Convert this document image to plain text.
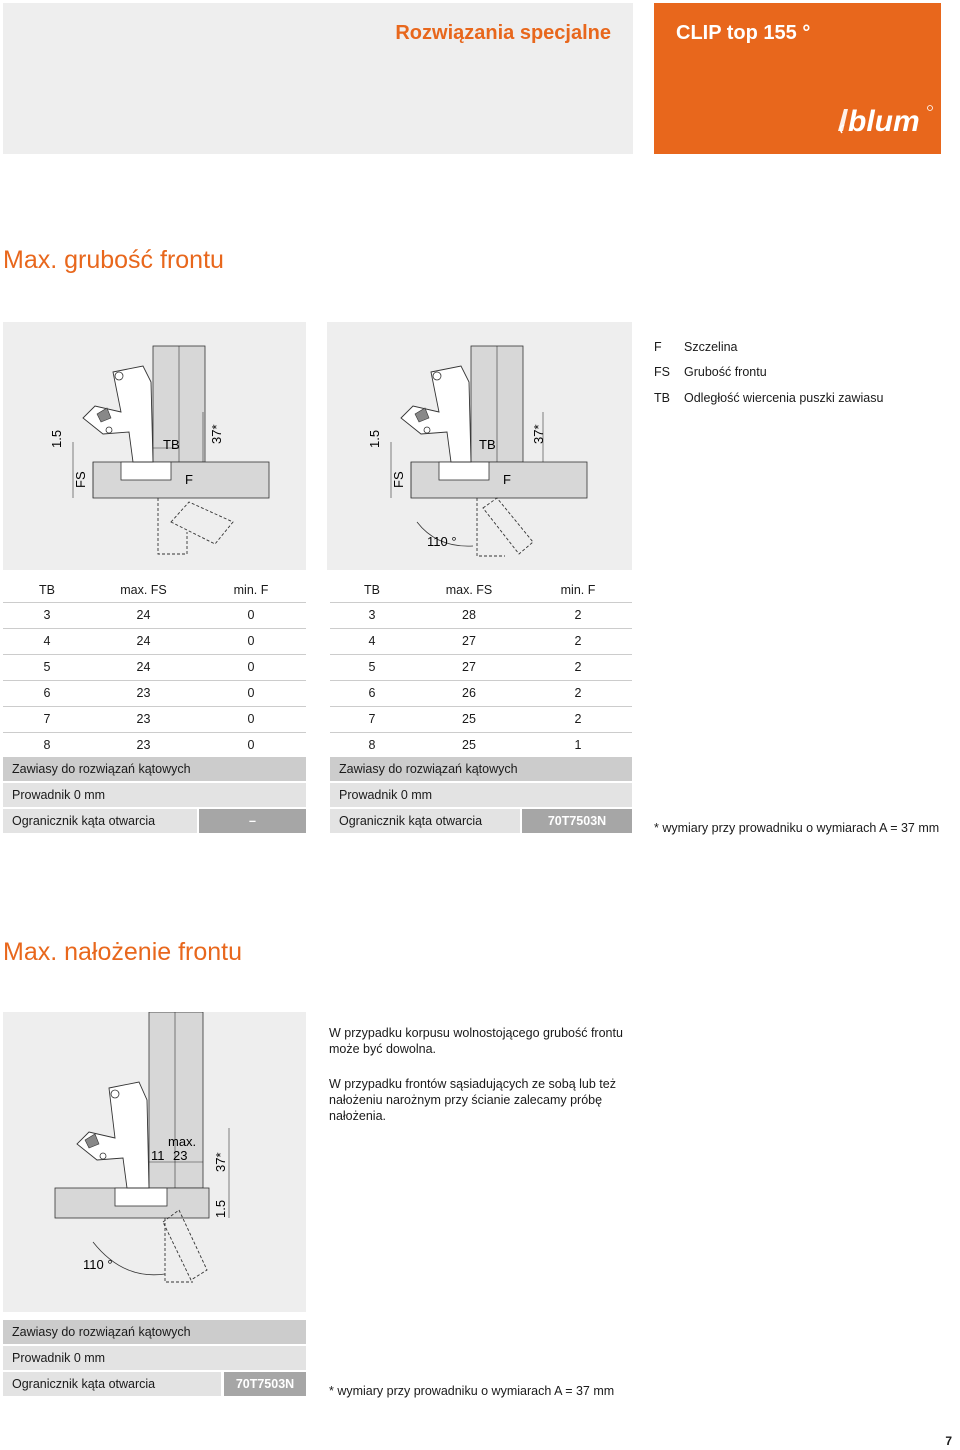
Rozwiązania specjalne	CLIP top 155 °
blum
Max. grubość frontu
1.5
FS
TB
F
37*	1.5
FS
TB
F
37*
110 °
F	Szczelina
FS	Grubość frontu
TB	Odległość wiercenia puszki zawiasu
TB	max. FS	min. F
3	24	0
4	24	0
5	24	0
6	23	0
7	23	0
8	23	0
Zawiasy do rozwiązań kątowych
Prowadnik 0 mm
Ogranicznik kąta otwarcia	–
TB	max. FS	min. F
3	28	2
4	27	2
5	27	2
6	26	2
7	25	2
8	25	1
Zawiasy do rozwiązań kątowych
Prowadnik 0 mm
Ogranicznik kąta otwarcia	70T7503N	* wymiary przy prowadniku o wymiarach A = 37 mm
Max. nałożenie frontu
max.
11 23 37*
1.5
110 °
W przypadku korpusu wolnostojącego grubość frontu może być dowolna.
W przypadku frontów sąsiadujących ze sobą lub też nałożeniu narożnym przy ścianie zalecamy próbę nałożenia.
Zawiasy do rozwiązań kątowych
Prowadnik 0 mm
Ogranicznik kąta otwarcia	70T7503N	* wymiary przy prowadniku o wymiarach A = 37 mm
7
